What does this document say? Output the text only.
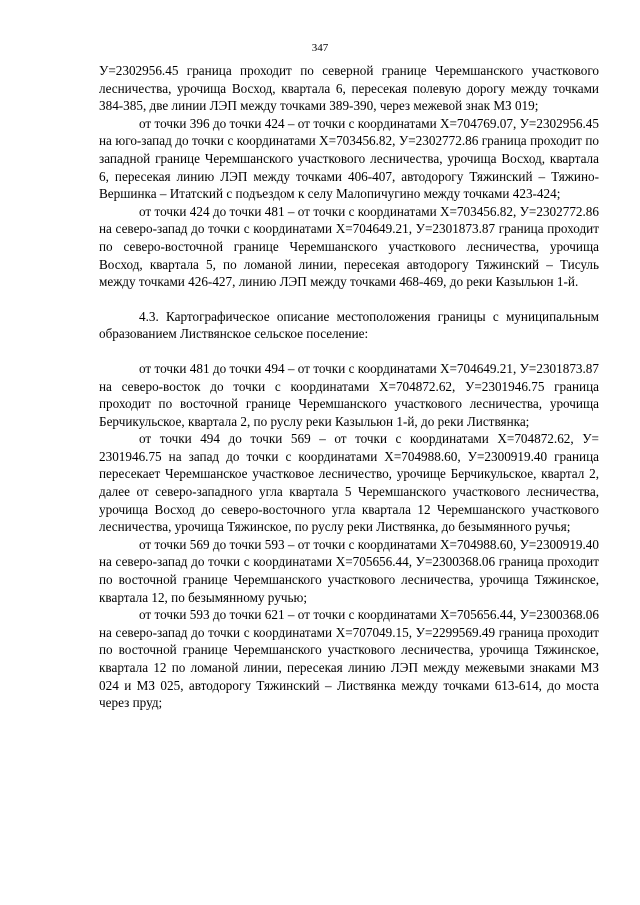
347

У=2302956.45 граница проходит по северной границе Черемшанского участкового лесничества, урочища Восход, квартала 6, пересекая полевую дорогу между точками 384-385, две линии ЛЭП между точками 389-390, через межевой знак МЗ 019;

от точки 396 до точки 424 – от точки с координатами Х=704769.07, У=2302956.45 на юго-запад до точки с координатами Х=703456.82, У=2302772.86 граница проходит по западной границе Черемшанского участкового лесничества, урочища Восход, квартала 6, пересекая линию ЛЭП между точками 406-407, автодорогу Тяжинский – Тяжино-Вершинка – Итатский с подъездом к селу Малопичугино между точками 423-424;

от точки 424 до точки 481 – от точки с координатами Х=703456.82, У=2302772.86 на северо-запад до точки с координатами Х=704649.21, У=2301873.87 граница проходит по северо-восточной границе Черемшанского участкового лесничества, урочища Восход, квартала 5, по ломаной линии, пересекая автодорогу Тяжинский – Тисуль между точками 426-427, линию ЛЭП между точками 468-469, до реки Казыльюн 1-й.

4.3. Картографическое описание местоположения границы с муниципальным образованием Листвянское сельское поселение:

от точки 481 до точки 494 – от точки с координатами Х=704649.21, У=2301873.87 на северо-восток до точки с координатами Х=704872.62, У=2301946.75 граница проходит по восточной границе Черемшанского участкового лесничества, урочища Берчикульское, квартала 2, по руслу реки Казыльюн 1-й, до реки Листвянка;

от точки 494 до точки 569 – от точки с координатами Х=704872.62, У= 2301946.75 на запад до точки с координатами Х=704988.60, У=2300919.40 граница пересекает Черемшанское участковое лесничество, урочище Берчикульское, квартал 2, далее от северо-западного угла квартала 5 Черемшанского участкового лесничества, урочища Восход до северо-восточного угла квартала 12 Черемшанского участкового лесничества, урочища Тяжинское, по руслу реки Листвянка, до безымянного ручья;

от точки 569 до точки 593 – от точки с координатами Х=704988.60, У=2300919.40 на северо-запад до точки с координатами Х=705656.44, У=2300368.06 граница проходит по восточной границе Черемшанского участкового лесничества, урочища Тяжинское, квартала 12, по безымянному ручью;

от точки 593 до точки 621 – от точки с координатами Х=705656.44, У=2300368.06 на северо-запад до точки с координатами Х=707049.15, У=2299569.49 граница проходит по восточной границе Черемшанского участкового лесничества, урочища Тяжинское, квартала 12 по ломаной линии, пересекая линию ЛЭП между межевыми знаками МЗ 024 и МЗ 025, автодорогу Тяжинский – Листвянка между точками 613-614, до моста через пруд;
